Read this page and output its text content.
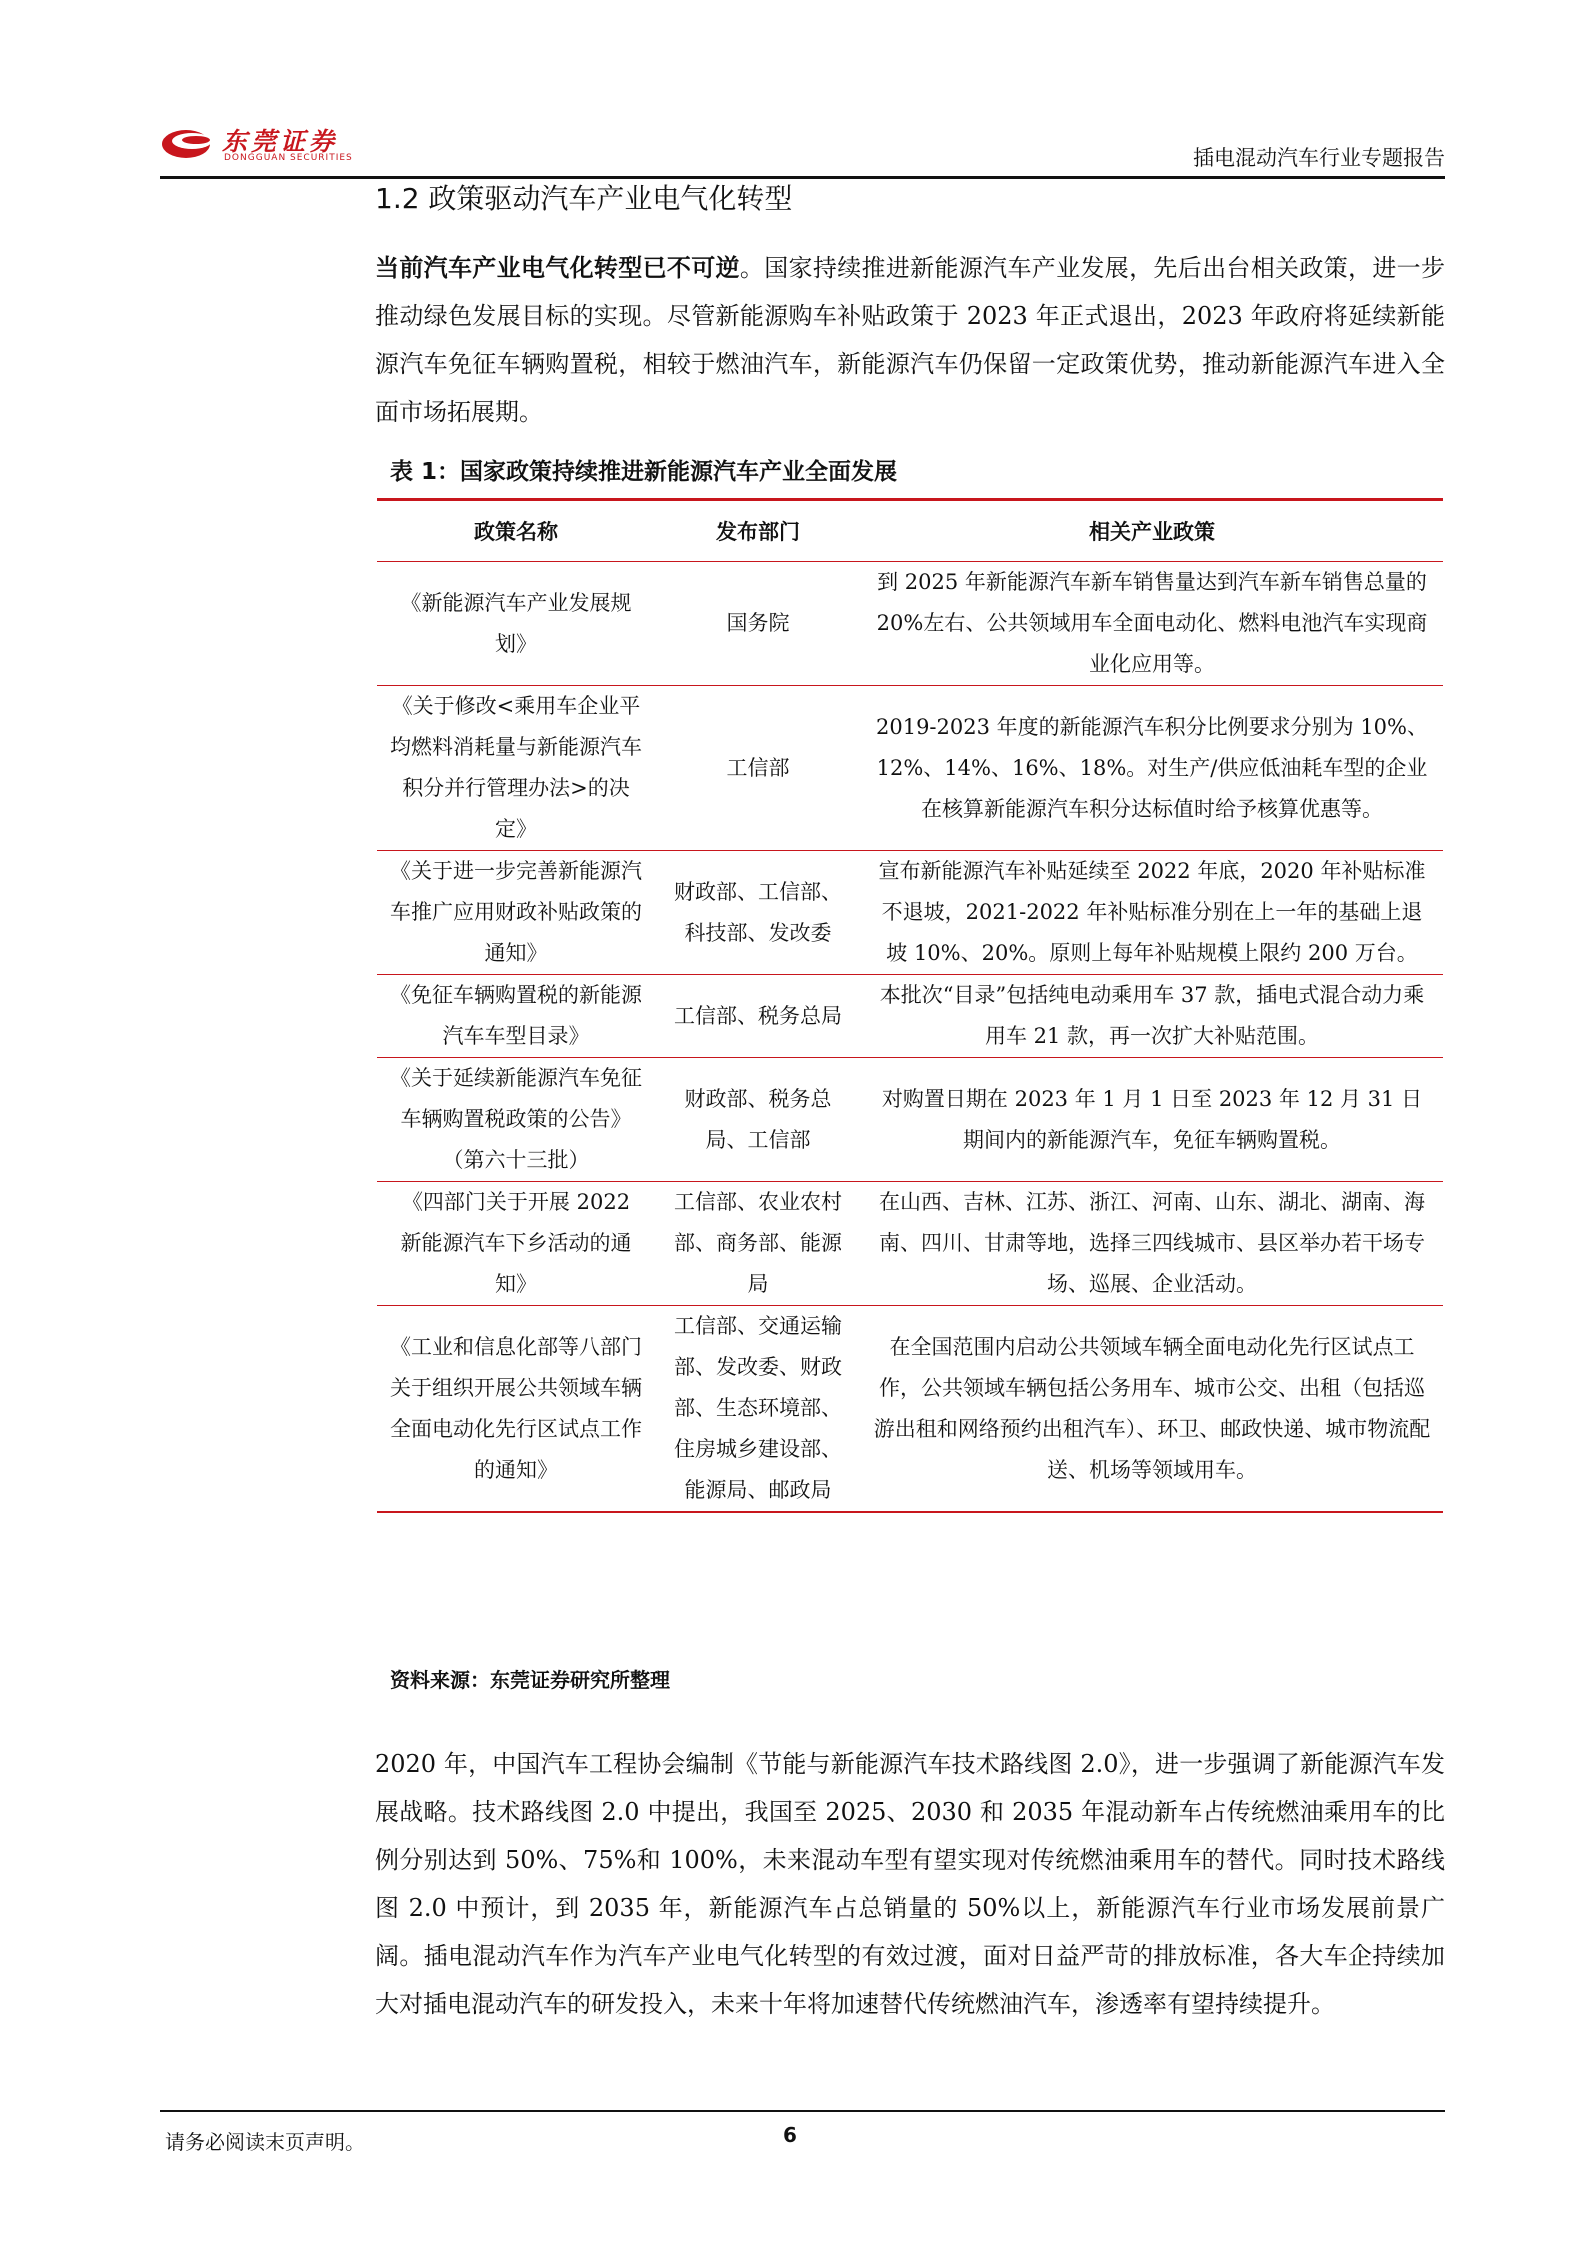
东莞证券
DONGGUAN SECURITIES	插电混动汽车行业专题报告
1.2 政策驱动汽车产业电气化转型

当前汽车产业电气化转型已不可逆。国家持续推进新能源汽车产业发展，先后出台相关政策，进一步推动绿色发展目标的实现。尽管新能源购车补贴政策于 2023 年正式退出，2023 年政府将延续新能源汽车免征车辆购置税，相较于燃油汽车，新能源汽车仍保留一定政策优势，推动新能源汽车进入全面市场拓展期。

表 1：国家政策持续推进新能源汽车产业全面发展
政策名称	发布部门	相关产业政策
《新能源汽车产业发展规划》	国务院	到 2025 年新能源汽车新车销售量达到汽车新车销售总量的 20%左右、公共领域用车全面电动化、燃料电池汽车实现商业化应用等。
《关于修改<乘用车企业平均燃料消耗量与新能源汽车积分并行管理办法>的决定》	工信部	2019-2023 年度的新能源汽车积分比例要求分别为 10%、12%、14%、16%、18%。对生产/供应低油耗车型的企业在核算新能源汽车积分达标值时给予核算优惠等。
《关于进一步完善新能源汽车推广应用财政补贴政策的通知》	财政部、工信部、科技部、发改委	宣布新能源汽车补贴延续至 2022 年底，2020 年补贴标准不退坡，2021-2022 年补贴标准分别在上一年的基础上退坡 10%、20%。原则上每年补贴规模上限约 200 万台。
《免征车辆购置税的新能源汽车车型目录》	工信部、税务总局	本批次“目录”包括纯电动乘用车 37 款，插电式混合动力乘用车 21 款，再一次扩大补贴范围。
《关于延续新能源汽车免征车辆购置税政策的公告》（第六十三批）	财政部、税务总局、工信部	对购置日期在 2023 年 1 月 1 日至 2023 年 12 月 31 日期间内的新能源汽车，免征车辆购置税。
《四部门关于开展 2022 新能源汽车下乡活动的通知》	工信部、农业农村部、商务部、能源局	在山西、吉林、江苏、浙江、河南、山东、湖北、湖南、海南、四川、甘肃等地，选择三四线城市、县区举办若干场专场、巡展、企业活动。
《工业和信息化部等八部门关于组织开展公共领域车辆全面电动化先行区试点工作的通知》	工信部、交通运输部、发改委、财政部、生态环境部、住房城乡建设部、能源局、邮政局	在全国范围内启动公共领域车辆全面电动化先行区试点工作，公共领域车辆包括公务用车、城市公交、出租（包括巡游出租和网络预约出租汽车）、环卫、邮政快递、城市物流配送、机场等领域用车。
资料来源：东莞证券研究所整理

2020 年，中国汽车工程协会编制《节能与新能源汽车技术路线图 2.0》，进一步强调了新能源汽车发展战略。技术路线图 2.0 中提出，我国至 2025、2030 和 2035 年混动新车占传统燃油乘用车的比例分别达到 50%、75%和 100%，未来混动车型有望实现对传统燃油乘用车的替代。同时技术路线图 2.0 中预计，到 2035 年，新能源汽车占总销量的 50%以上，新能源汽车行业市场发展前景广阔。插电混动汽车作为汽车产业电气化转型的有效过渡，面对日益严苛的排放标准，各大车企持续加大对插电混动汽车的研发投入，未来十年将加速替代传统燃油汽车，渗透率有望持续提升。

请务必阅读末页声明。	6
